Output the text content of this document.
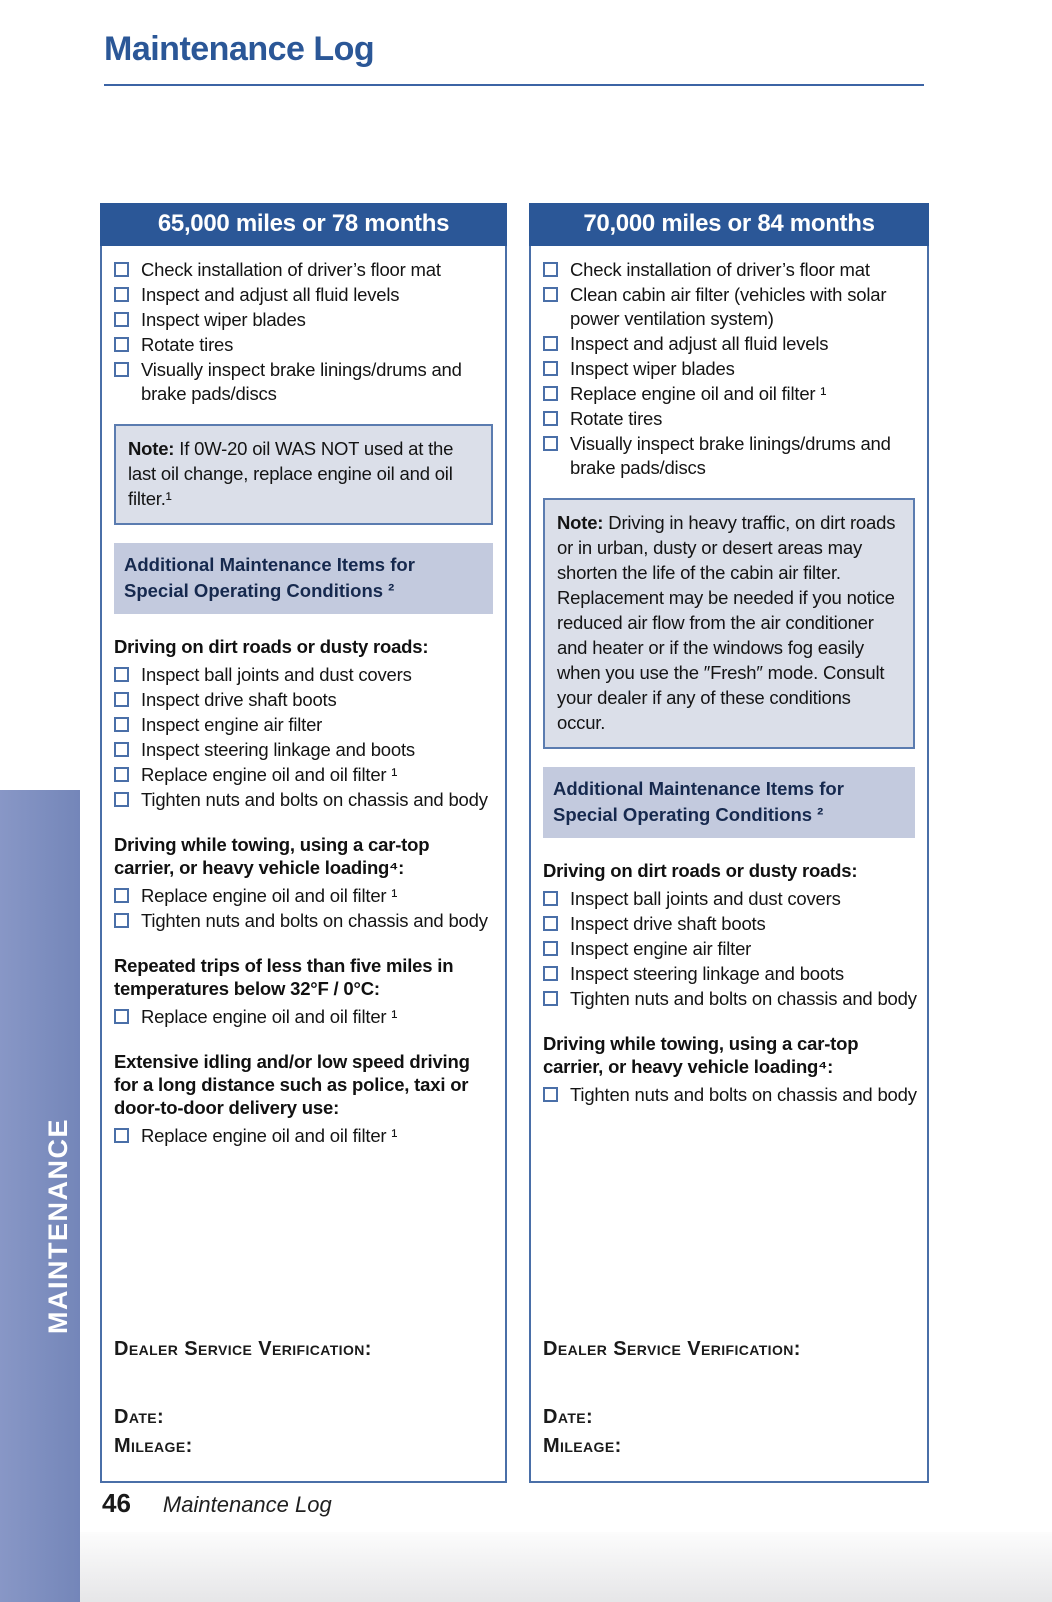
Maintenance Log
65,000 miles or 78 months
Check installation of driver’s floor mat
Inspect and adjust all fluid levels
Inspect wiper blades
Rotate tires
Visually inspect brake linings/drums and brake pads/discs
Note: If 0W-20 oil WAS NOT used at the last oil change, replace engine oil and oil filter.¹
Additional Maintenance Items for Special Operating Conditions ²
Driving on dirt roads or dusty roads:
Inspect ball joints and dust covers
Inspect drive shaft boots
Inspect engine air filter
Inspect steering linkage and boots
Replace engine oil and oil filter ¹
Tighten nuts and bolts on chassis and body
Driving while towing, using a car-top carrier, or heavy vehicle loading⁴:
Replace engine oil and oil filter ¹
Tighten nuts and bolts on chassis and body
Repeated trips of less than five miles in temperatures below 32°F / 0°C:
Replace engine oil and oil filter ¹
Extensive idling and/or low speed driving for a long distance such as police, taxi or door-to-door delivery use:
Replace engine oil and oil filter ¹
Dealer Service Verification:
Date:
Mileage:
70,000 miles or 84 months
Check installation of driver’s floor mat
Clean cabin air filter (vehicles with solar power ventilation system)
Inspect and adjust all fluid levels
Inspect wiper blades
Replace engine oil and oil filter ¹
Rotate tires
Visually inspect brake linings/drums and brake pads/discs
Note: Driving in heavy traffic, on dirt roads or in urban, dusty or desert areas may shorten the life of the cabin air filter. Replacement may be needed if you notice reduced air flow from the air conditioner and heater or if the windows fog easily when you use the ″Fresh″ mode. Consult your dealer if any of these conditions occur.
Additional Maintenance Items for Special Operating Conditions ²
Driving on dirt roads or dusty roads:
Inspect ball joints and dust covers
Inspect drive shaft boots
Inspect engine air filter
Inspect steering linkage and boots
Tighten nuts and bolts on chassis and body
Driving while towing, using a car-top carrier, or heavy vehicle loading⁴:
Tighten nuts and bolts on chassis and body
Dealer Service Verification:
Date:
Mileage:
MAINTENANCE
46 Maintenance Log
